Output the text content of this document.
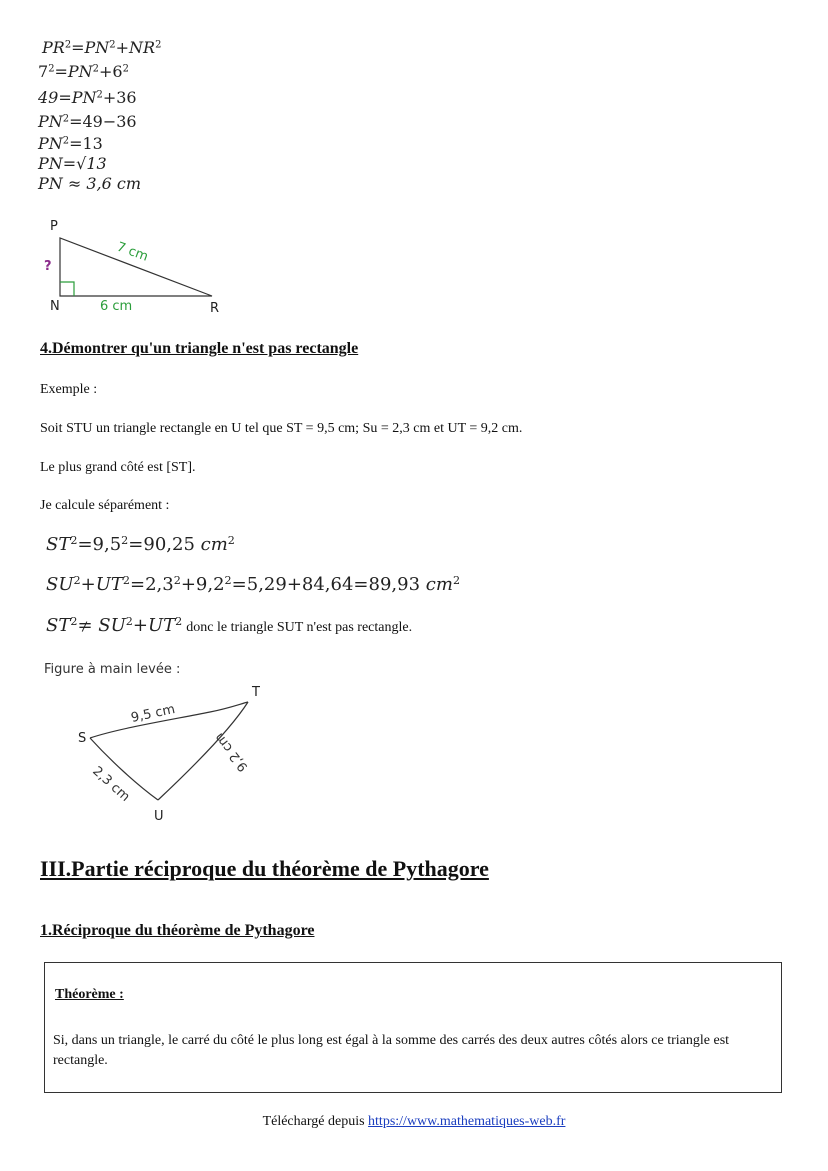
$PR^2=PN^2+NR^2$
$7^2=PN^2+6^2$
$49=PN^2+36$
$PN^2=49-36$
$PN^2=13$
PN=√13
PN ≈ 3,6 cm
P
N	R
7 cm
6 cm
?
4.Démontrer qu'un triangle n'est pas rectangle
Exemple :
Soit STU un triangle rectangle en U tel que ST = 9,5 cm; Su = 2,3 cm et UT = 9,2 cm.
Le plus grand côté est [ST].
Je calcule séparément :
$ST^2=9,5^2=90,25$ $cm^2$
$SU^2+UT^2=2,3^2+9,2^2=5,29+84,64=89,93$ $cm^2$
$ST^2= SU^2+UT^2$ donc le triangle SUT n'est pas rectangle.
Figure à main levée :
S
T
U
9,5 cm
2,3 cm
9,2 cm
III.Partie réciproque du théorème de Pythagore
1.Réciproque du théorème de Pythagore
Théorème :
Si, dans un triangle, le carré du côté le plus long est égal à la somme des carrés des deux autres côtés alors ce triangle est rectangle.
Téléchargé depuis https://www.mathematiques-web.fr
